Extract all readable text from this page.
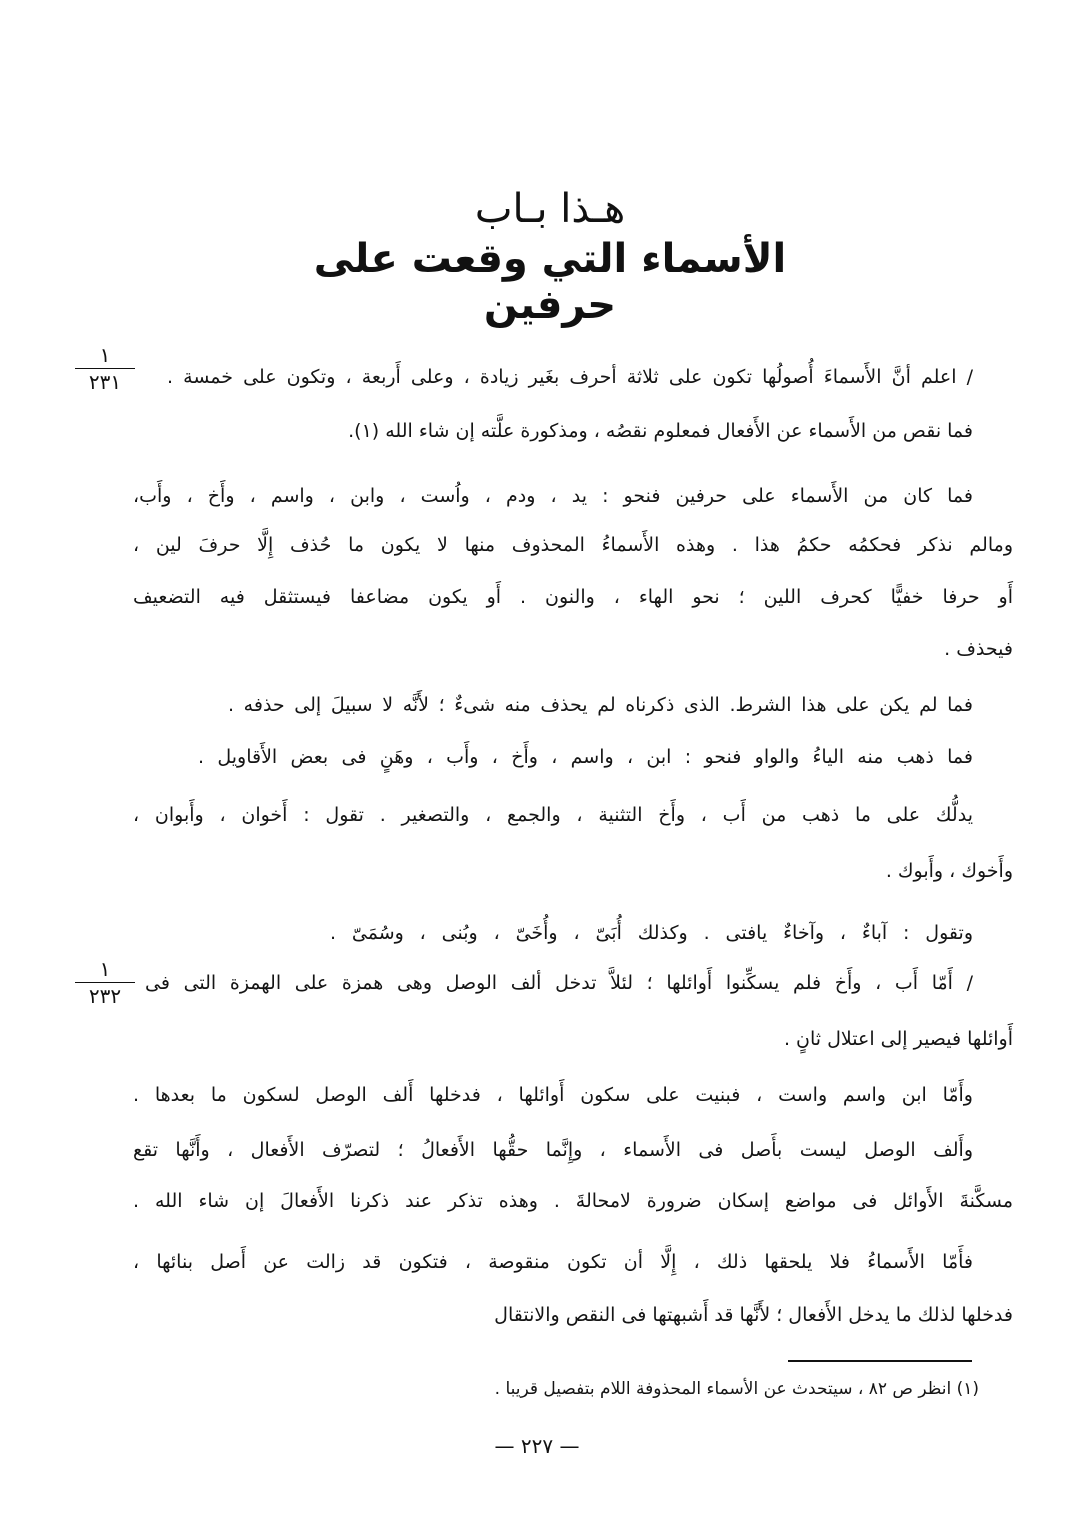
هـذا بـاب
الأسماء التي وقعت على حرفين
١
٢٣١
١
٢٣٢
/ اعلم أنَّ الأَسماءَ أُصولُها تكون على ثلاثة أحرف بغَير زيادة ، وعلى أَربعة ، وتكون على خمسة .
فما نقص من الأَسماء عن الأَفعال فمعلوم نقصُه ، ومذكورة علَّته إن شاء الله (١).
فما كان من الأَسماء على حرفين فنحو : يد ، ودم ، واُست ، وابن ، واسم ، وأَخ ، وأَب،
ومالم نذكر فحكمُه حكمُ هذا . وهذه الأَسماءُ المحذوف منها لا يكون ما حُذف إِلَّا حرفَ لين ،
أَو حرفا خفيًّا كحرف اللين ؛ نحو الهاء ، والنون . أَو يكون مضاعفا فيستثقل فيه التضعيف
فيحذف .
فما لم يكن على هذا الشرط. الذى ذكرناه لم يحذف منه شىءٌ ؛ لأَنَّه لا سبيلَ إلى حذفه .
فما ذهب منه الياءُ والواو فنحو : ابن ، واسم ، وأَخ ، وأَب ، وهَنٍ فى بعض الأَقاويل .
يدلُّك على ما ذهب من أَب ، وأَخ التثنية ، والجمع ، والتصغير . تقول : أَخوان ، وأَبوان ،
وأَخوك ، وأَبوك .
وتقول : آباءٌ ، وآخاءٌ يافتى . وكذلك أُبَىّ ، وأُخَىّ ، وبُنى ، وسُمَىّ .
/ أَمّا أَب ، وأَخ فلم يسكِّنوا أَوائلها ؛ لئلاَّ تدخل ألف الوصل وهى همزة على الهمزة التى فى
أَوائلها فيصير إلى اعتلال ثانٍ .
وأَمّا ابن واسم واست ، فبنيت على سكون أَوائلها ، فدخلها أَلف الوصل لسكون ما بعدها .
وأَلف الوصل ليست بأَصل فى الأَسماء ، وإِنَّما حقُّها الأَفعالُ ؛ لتصرّف الأَفعال ، وأَنَّها تقع
مسكَّنةَ الأَوائل فى مواضع إسكان ضرورة لامحالةَ . وهذه تذكر عند ذكرنا الأَفعالَ إن شاء الله .
فأَمّا الأَسماءُ فلا يلحقها ذلك ، إِلَّا أن تكون منقوصة ، فتكون قد زالت عن أَصل بنائها ،
فدخلها لذلك ما يدخل الأَفعال ؛ لأَنَّها قد أَشبهتها فى النقص والانتقال
(١) انظر ص ٨٢ ، سيتحدث عن الأسماء المحذوفة اللام بتفصيل قريبا .
— ٢٢٧ —
